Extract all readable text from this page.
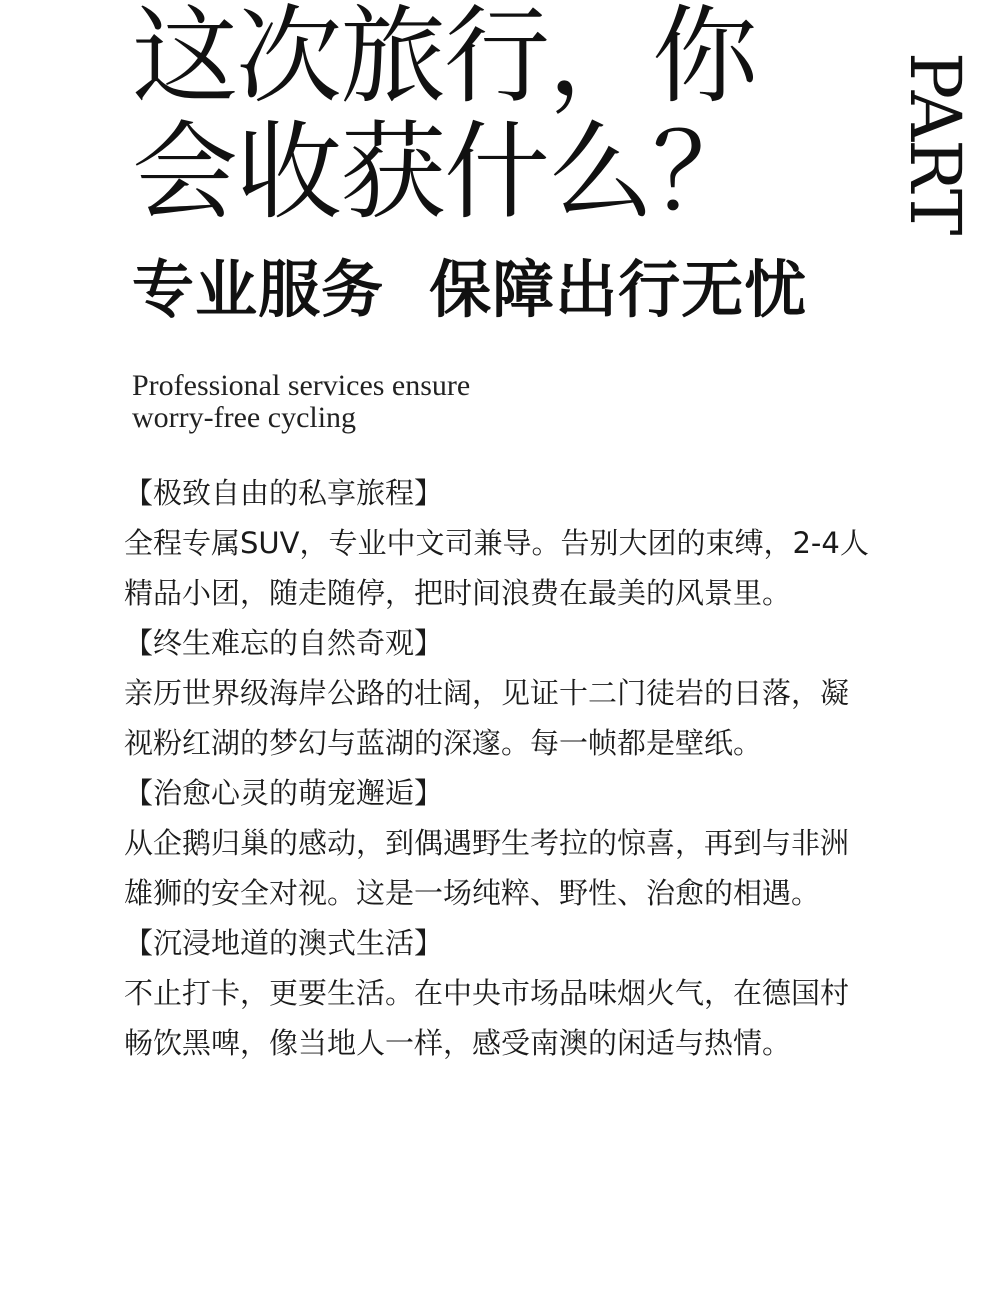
这次旅行，你
会收获什么？ PART
专业服务  保障出行无忧

Professional services ensure
worry-free cycling

【极致自由的私享旅程】

全程专属SUV，专业中文司兼导。告别大团的束缚，2-4人精品小团，随走随停，把时间浪费在最美的风景里。

【终生难忘的自然奇观】

亲历世界级海岸公路的壮阔，见证十二门徒岩的日落，凝视粉红湖的梦幻与蓝湖的深邃。每一帧都是壁纸。

【治愈心灵的萌宠邂逅】

从企鹅归巢的感动，到偶遇野生考拉的惊喜，再到与非洲雄狮的安全对视。这是一场纯粹、野性、治愈的相遇。

【沉浸地道的澳式生活】

不止打卡，更要生活。在中央市场品味烟火气，在德国村畅饮黑啤，像当地人一样，感受南澳的闲适与热情。
